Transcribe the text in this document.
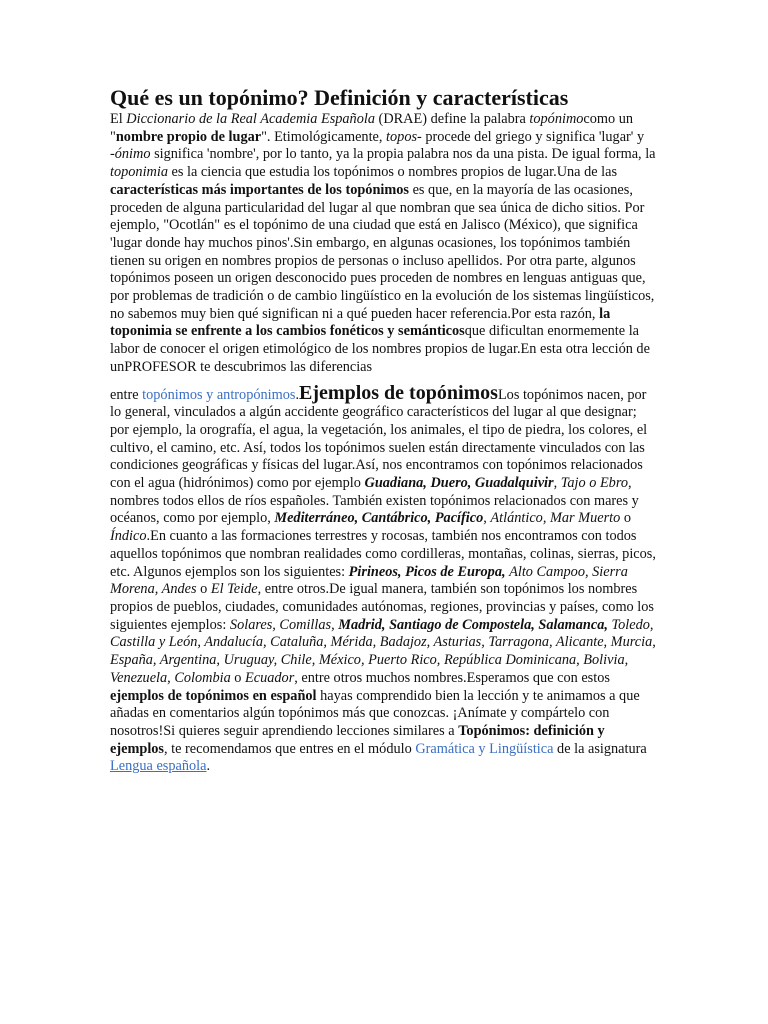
Qué es un topónimo? Definición y características

El Diccionario de la Real Academia Española (DRAE) define la palabra topónimocomo un "nombre propio de lugar". Etimológicamente, topos- procede del griego y significa 'lugar' y -ónimo significa 'nombre', por lo tanto, ya la propia palabra nos da una pista. De igual forma, la toponimia es la ciencia que estudia los topónimos o nombres propios de lugar.Una de las características más importantes de los topónimos es que, en la mayoría de las ocasiones, proceden de alguna particularidad del lugar al que nombran que sea única de dicho sitios. Por ejemplo, "Ocotlán" es el topónimo de una ciudad que está en Jalisco (México), que significa 'lugar donde hay muchos pinos'.Sin embargo, en algunas ocasiones, los topónimos también tienen su origen en nombres propios de personas o incluso apellidos. Por otra parte, algunos topónimos poseen un origen desconocido pues proceden de nombres en lenguas antiguas que, por problemas de tradición o de cambio lingüístico en la evolución de los sistemas lingüísticos, no sabemos muy bien qué significan ni a qué pueden hacer referencia.Por esta razón, la toponimia se enfrente a los cambios fonéticos y semánticosque dificultan enormemente la labor de conocer el origen etimológico de los nombres propios de lugar.En esta otra lección de unPROFESOR te descubrimos las diferencias

entre topónimos y antropónimos.Ejemplos de topónimosLos topónimos nacen, por lo general, vinculados a algún accidente geográfico característicos del lugar al que designar; por ejemplo, la orografía, el agua, la vegetación, los animales, el tipo de piedra, los colores, el cultivo, el camino, etc. Así, todos los topónimos suelen están directamente vinculados con las condiciones geográficas y físicas del lugar.Así, nos encontramos con topónimos relacionados con el agua (hidrónimos) como por ejemplo Guadiana, Duero, Guadalquivir, Tajo o Ebro, nombres todos ellos de ríos españoles. También existen topónimos relacionados con mares y océanos, como por ejemplo, Mediterráneo, Cantábrico, Pacífico, Atlántico, Mar Muerto o Índico.En cuanto a las formaciones terrestres y rocosas, también nos encontramos con todos aquellos topónimos que nombran realidades como cordilleras, montañas, colinas, sierras, picos, etc. Algunos ejemplos son los siguientes: Pirineos, Picos de Europa, Alto Campoo, Sierra Morena, Andes o El Teide, entre otros.De igual manera, también son topónimos los nombres propios de pueblos, ciudades, comunidades autónomas, regiones, provincias y países, como los siguientes ejemplos: Solares, Comillas, Madrid, Santiago de Compostela, Salamanca, Toledo, Castilla y León, Andalucía, Cataluña, Mérida, Badajoz, Asturias, Tarragona, Alicante, Murcia, España, Argentina, Uruguay, Chile, México, Puerto Rico, República Dominicana, Bolivia, Venezuela, Colombia o Ecuador, entre otros muchos nombres.Esperamos que con estos ejemplos de topónimos en español hayas comprendido bien la lección y te animamos a que añadas en comentarios algún topónimos más que conozcas. ¡Anímate y compártelo con nosotros!Si quieres seguir aprendiendo lecciones similares a Topónimos: definición y ejemplos, te recomendamos que entres en el módulo Gramática y Lingüística de la asignatura Lengua española.
